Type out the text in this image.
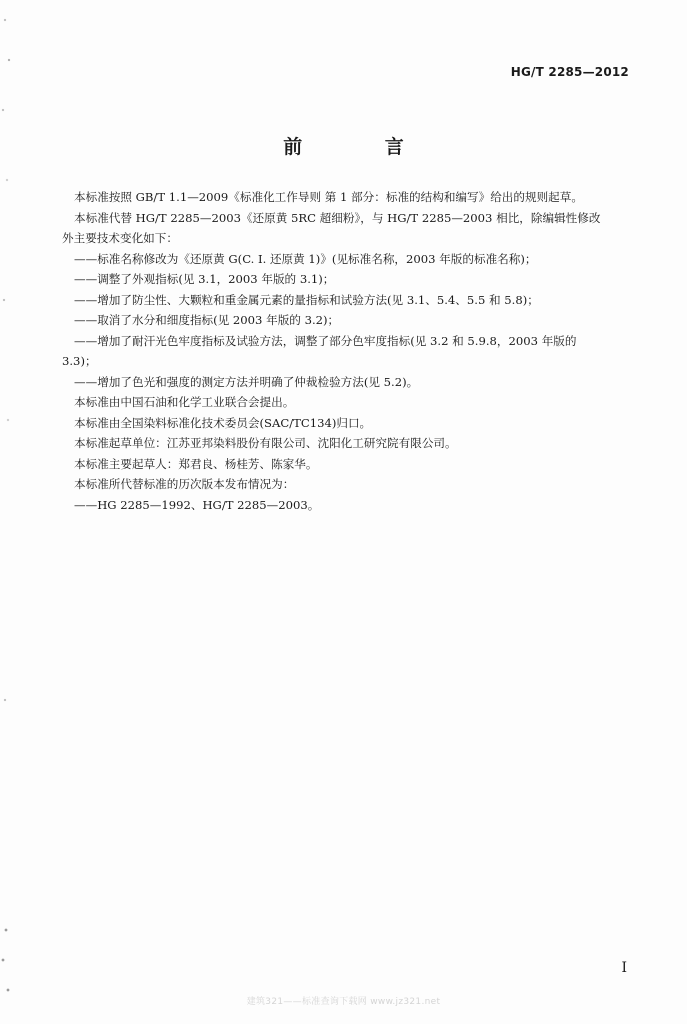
HG/T 2285—2012
前 言
本标准按照 GB/T 1.1—2009《标准化工作导则 第 1 部分：标准的结构和编写》给出的规则起草。
本标准代替 HG/T 2285—2003《还原黄 5RC 超细粉》，与 HG/T 2285—2003 相比，除编辑性修改
外主要技术变化如下：
——标准名称修改为《还原黄 G(C. I. 还原黄 1)》(见标准名称，2003 年版的标准名称)；
——调整了外观指标(见 3.1，2003 年版的 3.1)；
——增加了防尘性、大颗粒和重金属元素的量指标和试验方法(见 3.1、5.4、5.5 和 5.8)；
——取消了水分和细度指标(见 2003 年版的 3.2)；
——增加了耐汗光色牢度指标及试验方法，调整了部分色牢度指标(见 3.2 和 5.9.8，2003 年版的
3.3)；
——增加了色光和强度的测定方法并明确了仲裁检验方法(见 5.2)。
本标准由中国石油和化学工业联合会提出。
本标准由全国染料标准化技术委员会(SAC/TC134)归口。
本标准起草单位：江苏亚邦染料股份有限公司、沈阳化工研究院有限公司。
本标准主要起草人：郑君良、杨桂芳、陈家华。
本标准所代替标准的历次版本发布情况为：
——HG 2285—1992、HG/T 2285—2003。
I
建筑321——标准查询下载网 www.jz321.net
